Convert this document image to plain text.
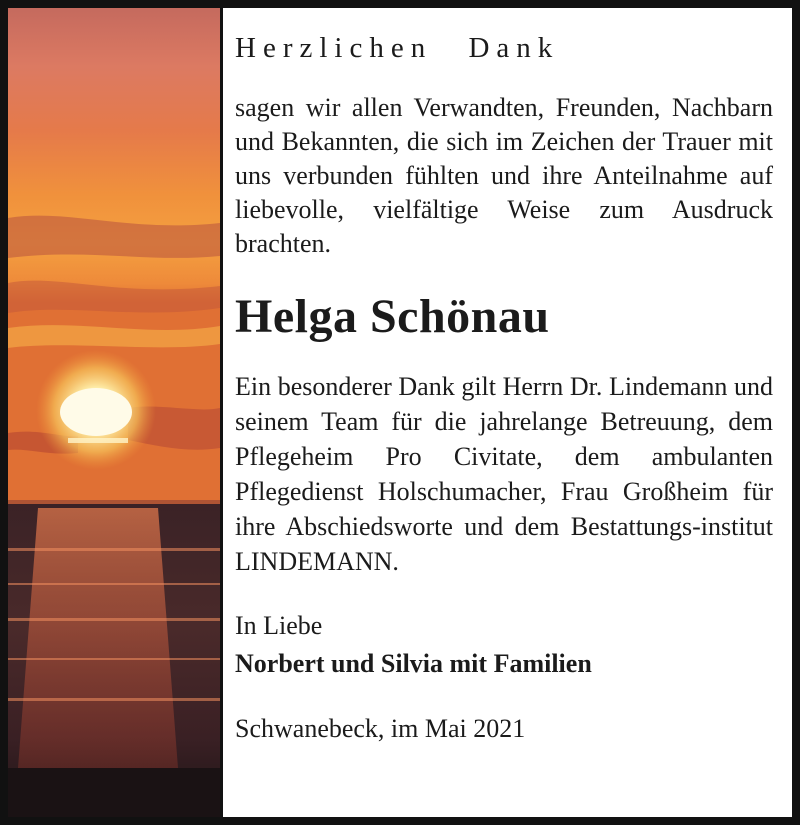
Herzlichen Dank

sagen wir allen Verwandten, Freunden, Nachbarn und Bekannten, die sich im Zeichen der Trauer mit uns verbunden fühlten und ihre Anteilnahme auf liebevolle, vielfältige Weise zum Ausdruck brachten.

Helga Schönau

Ein besonderer Dank gilt Herrn Dr. Lindemann und seinem Team für die jahrelange Betreuung, dem Pflegeheim Pro Civitate, dem ambulanten Pflegedienst Holschumacher, Frau Großheim für ihre Abschiedsworte und dem Bestattungs-institut LINDEMANN.

In Liebe
Norbert und Silvia mit Familien
Schwanebeck, im Mai 2021
